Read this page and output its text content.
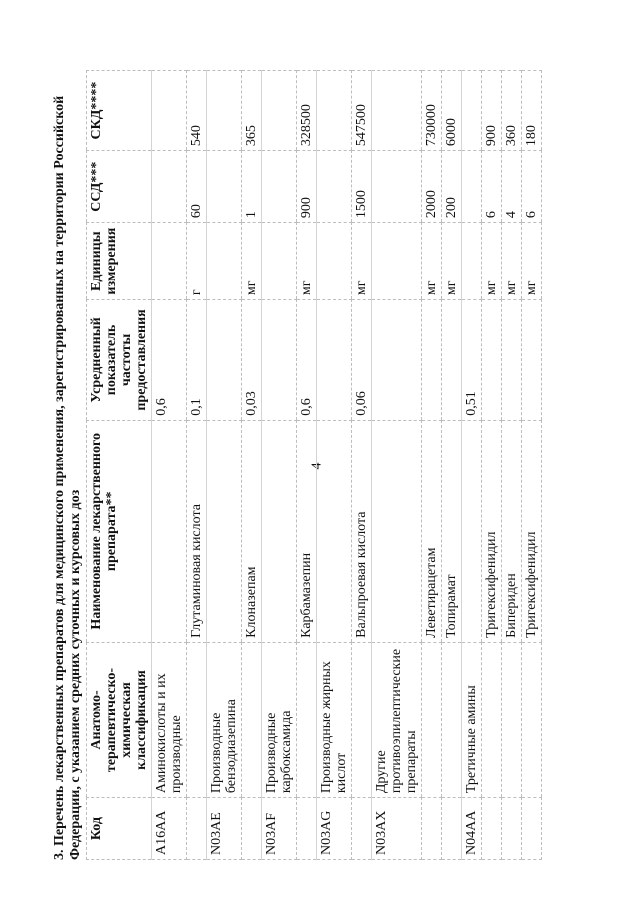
4
3. Перечень лекарственных препаратов для медицинского применения, зарегистрированных на территории Российской Федерации, с указанием средних суточных и курсовых доз Код	Анатомо-терапевтическо-химическая классификация	Наименование лекарственного препарата**	Усредненный показатель частоты предоставления	Единицы измерения	ССД***	СКД****
A16AA	Аминокислоты и их производные		0,6			
		Глутаминовая кислота	0,1	г	60	540
N03AE	Производные бензодиазепина					
		Клоназепам	0,03	мг	1	365
N03AF	Производные карбоксамида					
		Карбамазепин	0,6	мг	900	328500
N03AG	Производные жирных кислот					
		Вальпроевая кислота	0,06	мг	1500	547500
N03AX	Другие противоэпилептические препараты					
		Леветирацетам		мг	2000	730000
		Топирамат		мг	200	6000
N04AA	Третичные амины		0,51			
		Тригексифенидил		мг	6	900
		Бипериден		мг	4	360
		Тригексифенидил		мг	6	180
